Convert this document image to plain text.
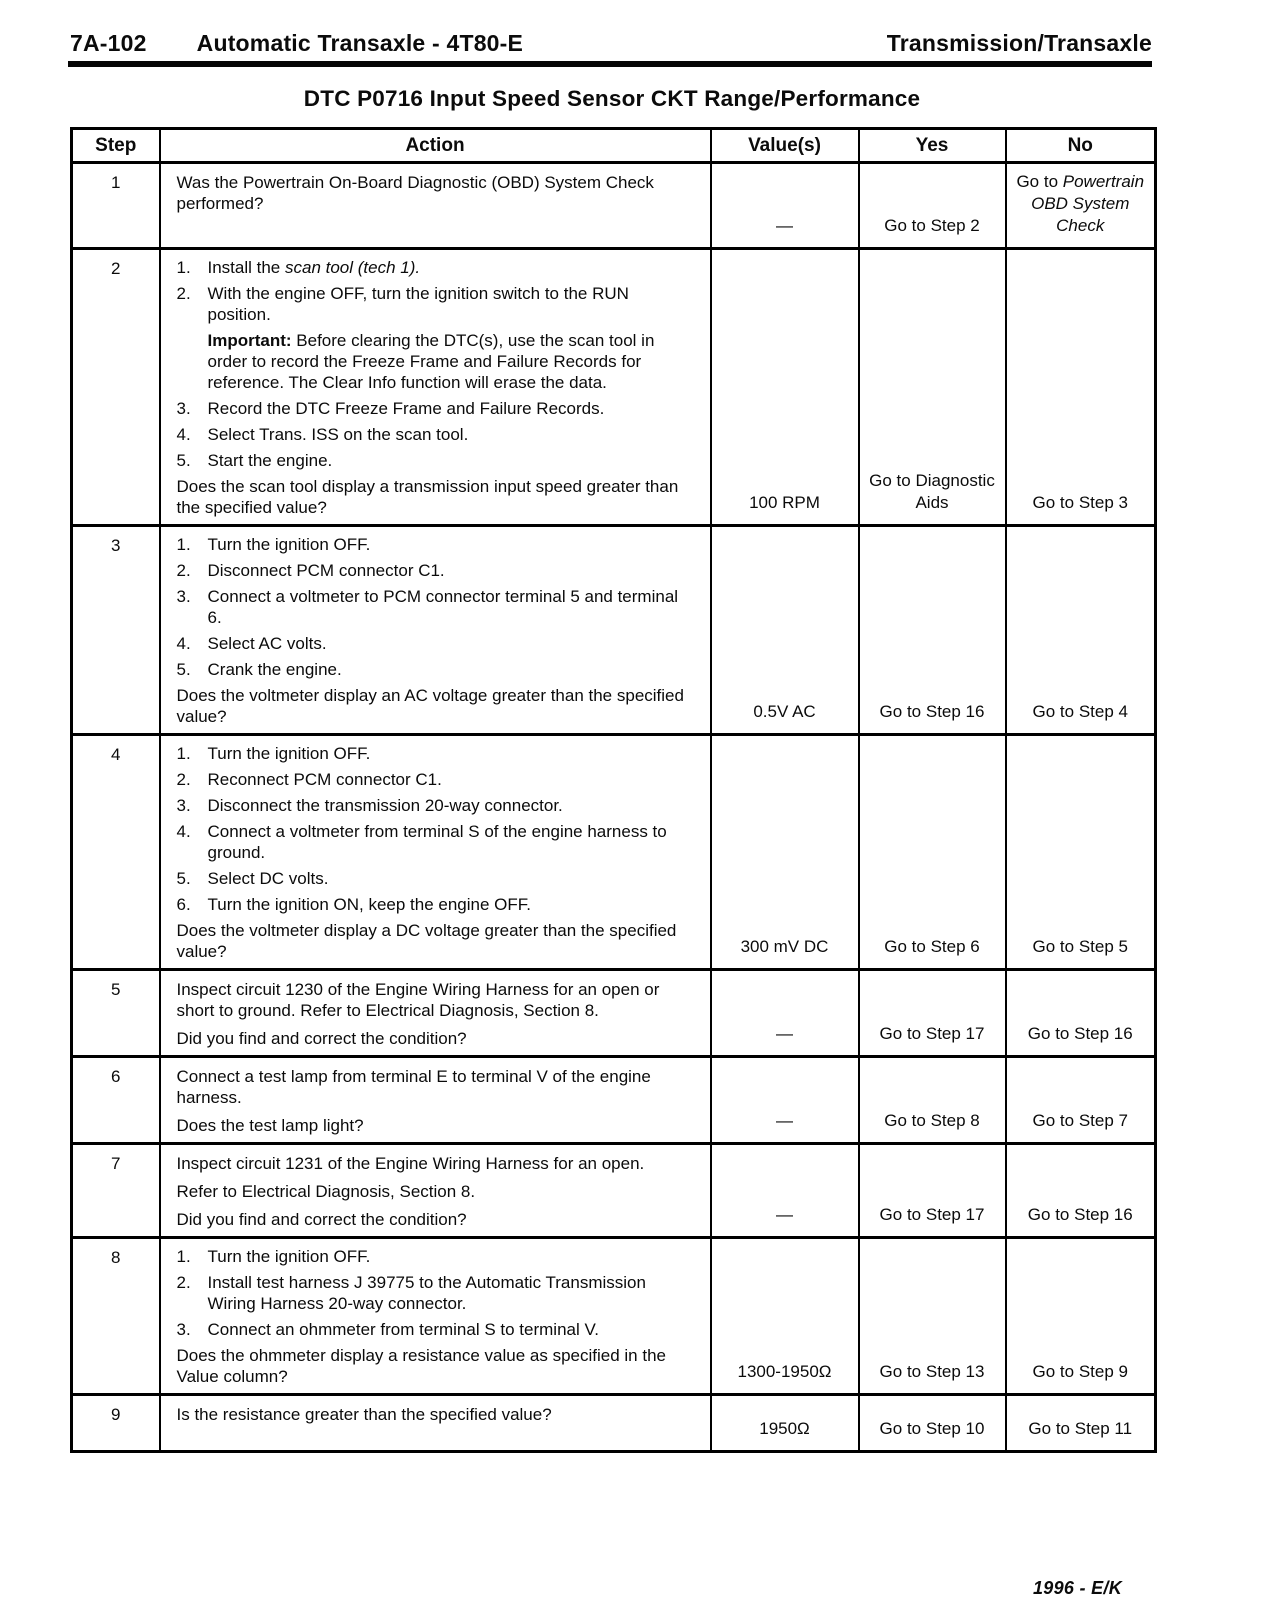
7A-102 Automatic Transaxle - 4T80-E	Transmission/Transaxle
DTC P0716 Input Speed Sensor CKT Range/Performance
Step	Action	Value(s)	Yes	No
1	Was the Powertrain On-Board Diagnostic (OBD) System Check performed?	—	Go to Step 2	Go to Powertrain OBD System Check
2	1. Install the scan tool (tech 1).
2. With the engine OFF, turn the ignition switch to the RUN position.
Important: Before clearing the DTC(s), use the scan tool in order to record the Freeze Frame and Failure Records for reference. The Clear Info function will erase the data.
3. Record the DTC Freeze Frame and Failure Records.
4. Select Trans. ISS on the scan tool.
5. Start the engine.
Does the scan tool display a transmission input speed greater than the specified value?	100 RPM	Go to Diagnostic Aids	Go to Step 3
3	1. Turn the ignition OFF.
2. Disconnect PCM connector C1.
3. Connect a voltmeter to PCM connector terminal 5 and terminal 6.
4. Select AC volts.
5. Crank the engine.
Does the voltmeter display an AC voltage greater than the specified value?	0.5V AC	Go to Step 16	Go to Step 4
4	1. Turn the ignition OFF.
2. Reconnect PCM connector C1.
3. Disconnect the transmission 20-way connector.
4. Connect a voltmeter from terminal S of the engine harness to ground.
5. Select DC volts.
6. Turn the ignition ON, keep the engine OFF.
Does the voltmeter display a DC voltage greater than the specified value?	300 mV DC	Go to Step 6	Go to Step 5
5	Inspect circuit 1230 of the Engine Wiring Harness for an open or short to ground. Refer to Electrical Diagnosis, Section 8.
Did you find and correct the condition?	—	Go to Step 17	Go to Step 16
6	Connect a test lamp from terminal E to terminal V of the engine harness.
Does the test lamp light?	—	Go to Step 8	Go to Step 7
7	Inspect circuit 1231 of the Engine Wiring Harness for an open.
Refer to Electrical Diagnosis, Section 8.
Did you find and correct the condition?	—	Go to Step 17	Go to Step 16
8	1. Turn the ignition OFF.
2. Install test harness J 39775 to the Automatic Transmission Wiring Harness 20-way connector.
3. Connect an ohmmeter from terminal S to terminal V.
Does the ohmmeter display a resistance value as specified in the Value column?	1300-1950Ω	Go to Step 13	Go to Step 9
9	Is the resistance greater than the specified value?	1950Ω	Go to Step 10	Go to Step 11
1996 - E/K
